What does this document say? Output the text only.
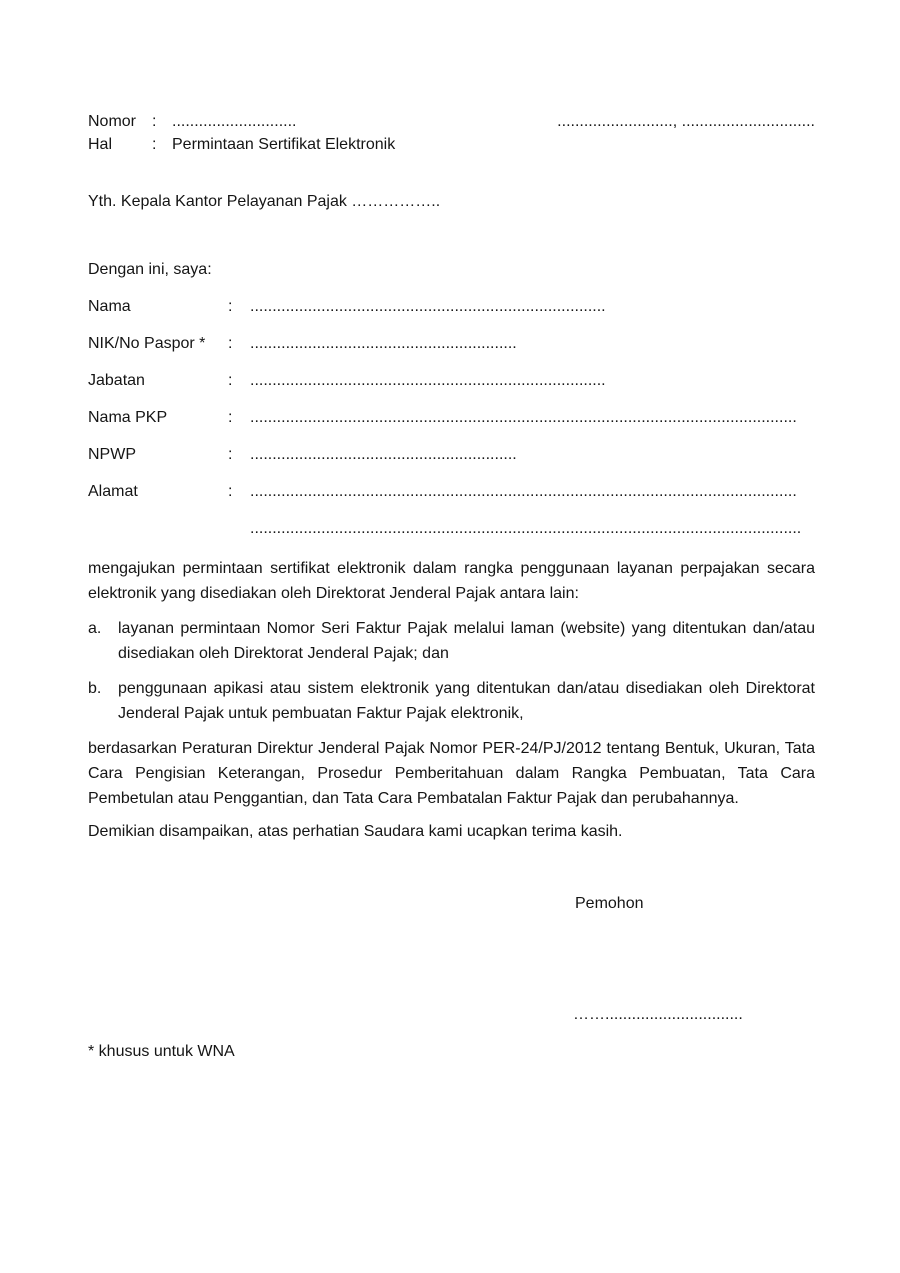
Nomor : ............................	.........................., ..............................
Hal	: Permintaan Sertifikat Elektronik
Yth. Kepala Kantor Pelayanan Pajak ……………..
Dengan ini, saya:
Nama	:	................................................................................
NIK/No Paspor *	:	............................................................
Jabatan	:	................................................................................
Nama PKP	:	...........................................................................................................................
NPWP	:	............................................................
Alamat	:	...........................................................................................................................
............................................................................................................................
mengajukan permintaan sertifikat elektronik dalam rangka penggunaan layanan perpajakan secara elektronik yang disediakan oleh Direktorat Jenderal Pajak antara lain:
a.	layanan permintaan Nomor Seri Faktur Pajak melalui laman (website) yang ditentukan dan/atau disediakan oleh Direktorat Jenderal Pajak; dan
b.	penggunaan apikasi atau sistem elektronik yang ditentukan dan/atau disediakan oleh Direktorat Jenderal Pajak untuk pembuatan Faktur Pajak elektronik,
berdasarkan Peraturan Direktur Jenderal Pajak Nomor PER-24/PJ/2012 tentang Bentuk, Ukuran, Tata Cara Pengisian Keterangan, Prosedur Pemberitahuan dalam Rangka Pembuatan, Tata Cara Pembetulan atau Penggantian, dan Tata Cara Pembatalan Faktur Pajak dan perubahannya.
Demikian disampaikan, atas perhatian Saudara kami ucapkan terima kasih.
Pemohon
……...............................
* khusus untuk WNA
